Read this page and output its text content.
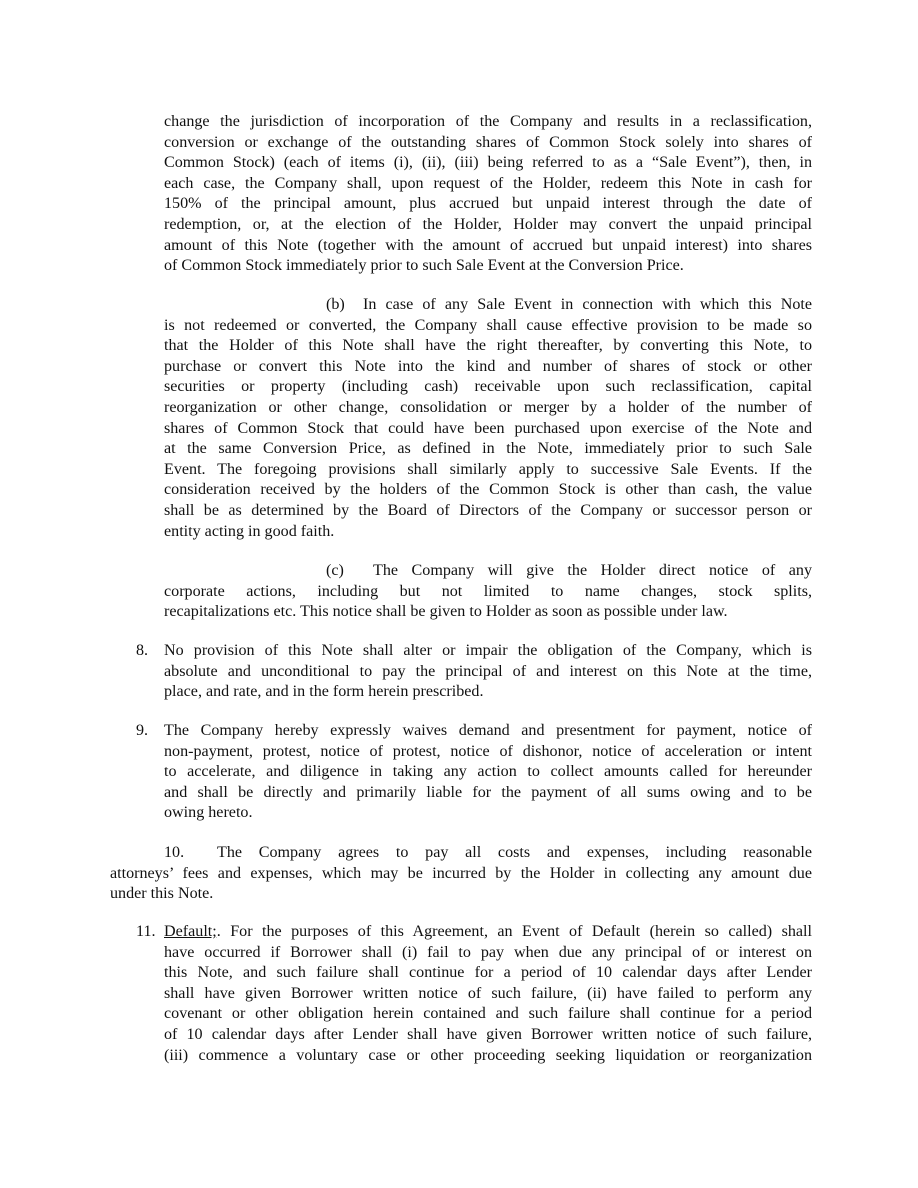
change the jurisdiction of incorporation of the Company and results in a reclassification,
conversion or exchange of the outstanding shares of Common Stock solely into shares of
Common Stock) (each of items (i), (ii), (iii) being referred to as a “Sale Event”), then, in
each case, the Company shall, upon request of the Holder, redeem this Note in cash for
150% of the principal amount, plus accrued but unpaid interest through the date of
redemption, or, at the election of the Holder, Holder may convert the unpaid principal
amount of this Note (together with the amount of accrued but unpaid interest) into shares
of Common Stock immediately prior to such Sale Event at the Conversion Price.
(b) In case of any Sale Event in connection with which this Note
is not redeemed or converted, the Company shall cause effective provision to be made so
that the Holder of this Note shall have the right thereafter, by converting this Note, to
purchase or convert this Note into the kind and number of shares of stock or other
securities or property (including cash) receivable upon such reclassification, capital
reorganization or other change, consolidation or merger by a holder of the number of
shares of Common Stock that could have been purchased upon exercise of the Note and
at the same Conversion Price, as defined in the Note, immediately prior to such Sale
Event. The foregoing provisions shall similarly apply to successive Sale Events. If the
consideration received by the holders of the Common Stock is other than cash, the value
shall be as determined by the Board of Directors of the Company or successor person or
entity acting in good faith.
(c) The Company will give the Holder direct notice of any
corporate actions, including but not limited to name changes, stock splits,
recapitalizations etc. This notice shall be given to Holder as soon as possible under law.
8. No provision of this Note shall alter or impair the obligation of the Company, which is
absolute and unconditional to pay the principal of and interest on this Note at the time,
place, and rate, and in the form herein prescribed.
9. The Company hereby expressly waives demand and presentment for payment, notice of
non-payment, protest, notice of protest, notice of dishonor, notice of acceleration or intent
to accelerate, and diligence in taking any action to collect amounts called for hereunder
and shall be directly and primarily liable for the payment of all sums owing and to be
owing hereto.
10. The Company agrees to pay all costs and expenses, including reasonable
attorneys’ fees and expenses, which may be incurred by the Holder in collecting any amount due
under this Note.
11. Default;. For the purposes of this Agreement, an Event of Default (herein so called) shall
have occurred if Borrower shall (i) fail to pay when due any principal of or interest on
this Note, and such failure shall continue for a period of 10 calendar days after Lender
shall have given Borrower written notice of such failure, (ii) have failed to perform any
covenant or other obligation herein contained and such failure shall continue for a period
of 10 calendar days after Lender shall have given Borrower written notice of such failure,
(iii) commence a voluntary case or other proceeding seeking liquidation or reorganization
